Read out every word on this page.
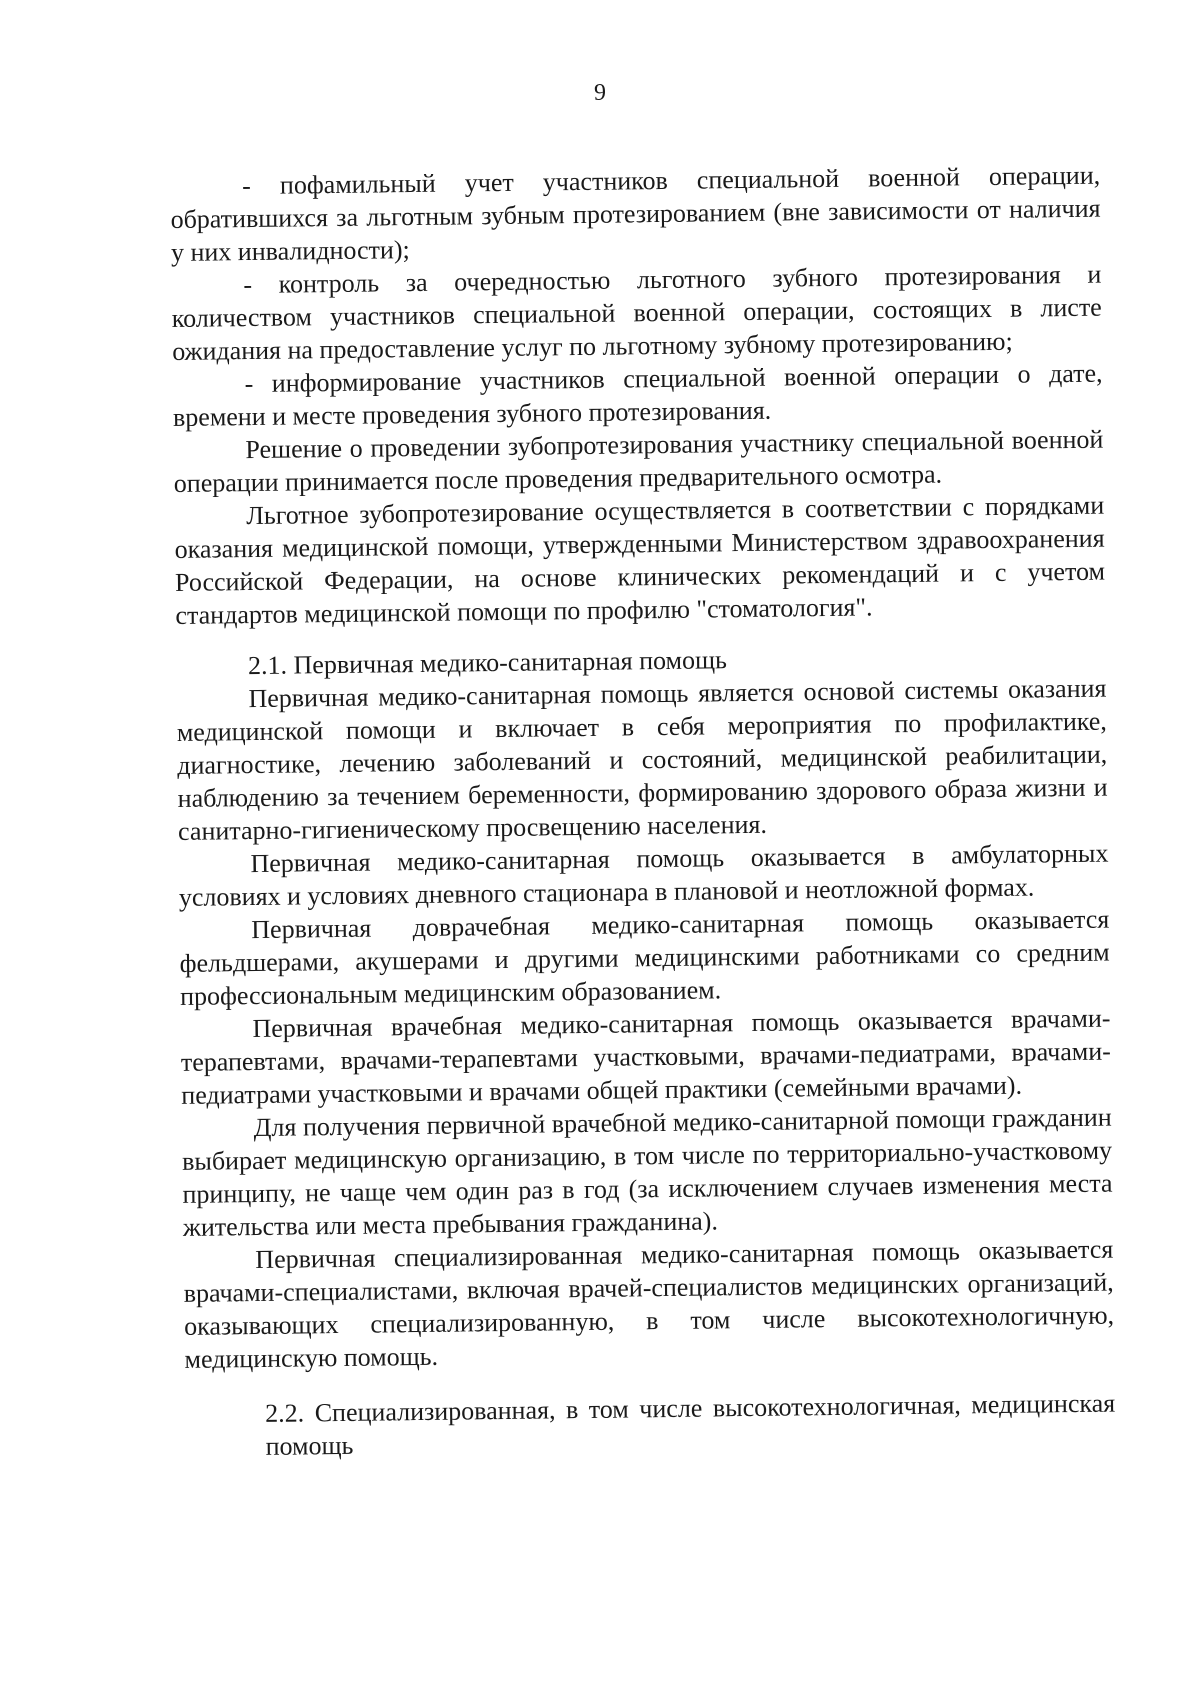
9

- пофамильный учет участников специальной военной операции, обратившихся за льготным зубным протезированием (вне зависимости от наличия у них инвалидности);

- контроль за очередностью льготного зубного протезирования и количеством участников специальной военной операции, состоящих в листе ожидания на предоставление услуг по льготному зубному протезированию;

- информирование участников специальной военной операции о дате, времени и месте проведения зубного протезирования.

Решение о проведении зубопротезирования участнику специальной военной операции принимается после проведения предварительного осмотра.

Льготное зубопротезирование осуществляется в соответствии с порядками оказания медицинской помощи, утвержденными Министерством здравоохранения Российской Федерации, на основе клинических рекомендаций и с учетом стандартов медицинской помощи по профилю "стоматология".

2.1. Первичная медико-санитарная помощь

Первичная медико-санитарная помощь является основой системы оказания медицинской помощи и включает в себя мероприятия по профилактике, диагностике, лечению заболеваний и состояний, медицинской реабилитации, наблюдению за течением беременности, формированию здорового образа жизни и санитарно-гигиеническому просвещению населения.

Первичная медико-санитарная помощь оказывается в амбулаторных условиях и условиях дневного стационара в плановой и неотложной формах.

Первичная доврачебная медико-санитарная помощь оказывается фельдшерами, акушерами и другими медицинскими работниками со средним профессиональным медицинским образованием.

Первичная врачебная медико-санитарная помощь оказывается врачами-терапевтами, врачами-терапевтами участковыми, врачами-педиатрами, врачами-педиатрами участковыми и врачами общей практики (семейными врачами).

Для получения первичной врачебной медико-санитарной помощи гражданин выбирает медицинскую организацию, в том числе по территориально-участковому принципу, не чаще чем один раз в год (за исключением случаев изменения места жительства или места пребывания гражданина).

Первичная специализированная медико-санитарная помощь оказывается врачами-специалистами, включая врачей-специалистов медицинских организаций, оказывающих специализированную, в том числе высокотехнологичную, медицинскую помощь.

2.2. Специализированная, в том числе высокотехнологичная, медицинская помощь
